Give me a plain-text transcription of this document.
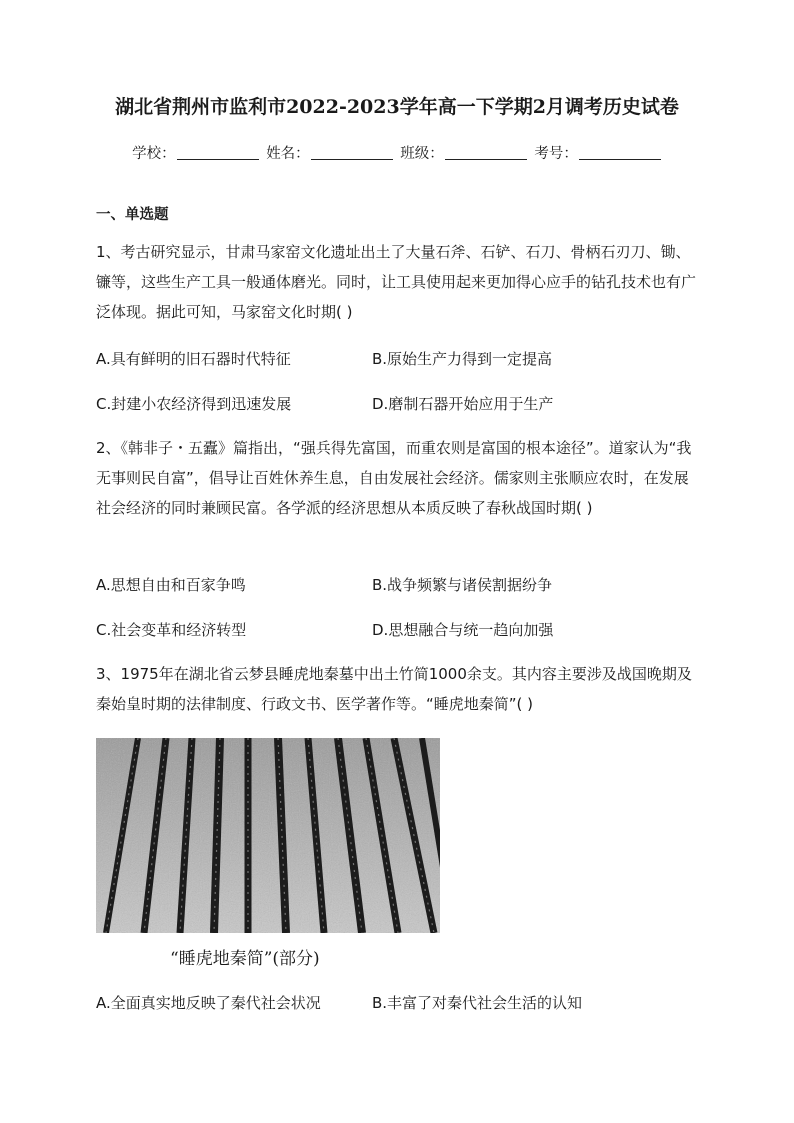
湖北省荆州市监利市2022-2023学年高一下学期2月调考历史试卷
学校：	姓名：	班级：	考号：
一、单选题
1、考古研究显示，甘肃马家窑文化遗址出土了大量石斧、石铲、石刀、骨柄石刃刀、锄、镰等，这些生产工具一般通体磨光。同时，让工具使用起来更加得心应手的钻孔技术也有广泛体现。据此可知，马家窑文化时期( )
A.具有鲜明的旧石器时代特征	B.原始生产力得到一定提高
C.封建小农经济得到迅速发展	D.磨制石器开始应用于生产
2、《韩非子・五蠹》篇指出，“强兵得先富国，而重农则是富国的根本途径”。道家认为“我无事则民自富”，倡导让百姓休养生息，自由发展社会经济。儒家则主张顺应农时，在发展社会经济的同时兼顾民富。各学派的经济思想从本质反映了春秋战国时期( )
A.思想自由和百家争鸣	B.战争频繁与诸侯割据纷争
C.社会变革和经济转型	D.思想融合与统一趋向加强
3、1975年在湖北省云梦县睡虎地秦墓中出土竹简1000余支。其内容主要涉及战国晚期及秦始皇时期的法律制度、行政文书、医学著作等。“睡虎地秦简”( )
“睡虎地秦简”(部分)
A.全面真实地反映了秦代社会状况	B.丰富了对秦代社会生活的认知
